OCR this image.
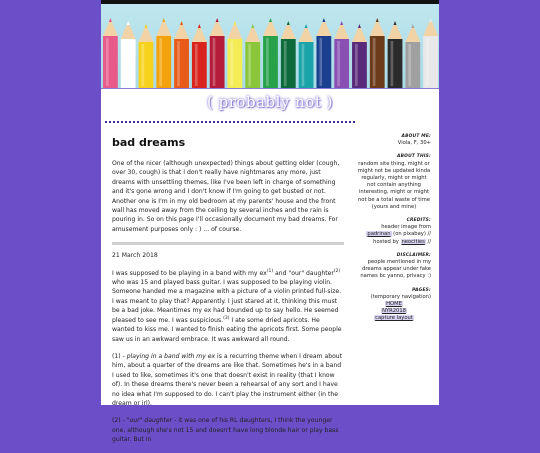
( probably not )
bad dreams

One of the nicer (although unexpected) things about getting older (cough, over 30, cough) is that I don't really have nightmares any more, just dreams with unsettling themes, like I've been left in charge of something and it's gone wrong and I don't know if I'm going to get busted or not. Another one is I'm in my old bedroom at my parents' house and the front wall has moved away from the ceiling by several inches and the rain is pouring in. So on this page I'll occasionally document my bad dreams. For amusement purposes only : ) ... of course.

21 March 2018

I was supposed to be playing in a band with my $ex^{(1)}$ and "our" daughter$^{(2)}$ who was 15 and played bass guitar. I was supposed to be playing violin. Someone handed me a magazine with a picture of a violin printed full-size. I was meant to play that? Apparently. I just stared at it, thinking this must be a bad joke. Meantimes my ex had bounded up to say hello. He seemed pleased to see me. I was suspicious.$^{(3)}$ I ate some dried apricots. He wanted to kiss me. I wanted to finish eating the apricots first. Some people saw us in an awkward embrace. It was awkward all round.

(1) - playing in a band with my ex is a recurring theme when I dream about him, about a quarter of the dreams are like that. Sometimes he's in a band I used to like, sometimes it's one that doesn't exist in reality (that I know of). In these dreams there's never been a rehearsal of any sort and I have no idea what I'm supposed to do. I can't play the instrument either (in the dream or irl).

(2) - "our" daughter - it was one of his RL daughters, I think the younger one, although she's not 15 and doesn't have long blonde hair or play bass guitar. But in

ABOUT ME:
Viola, F, 30+
ABOUT THIS:
random site thing, might or might not be updated kinda regularly, might or might not contain anything interesting, might or might not be a total waste of time (yours and mine)
CREDITS:
header image from
padrinan (on pixabay) //
hosted by neocities //
DISCLAIMER:
people mentioned in my dreams appear under fake names bc yanno, privacy :)
PAGES:
(temporary navigation)
HOME
NYR2018
capture layout
